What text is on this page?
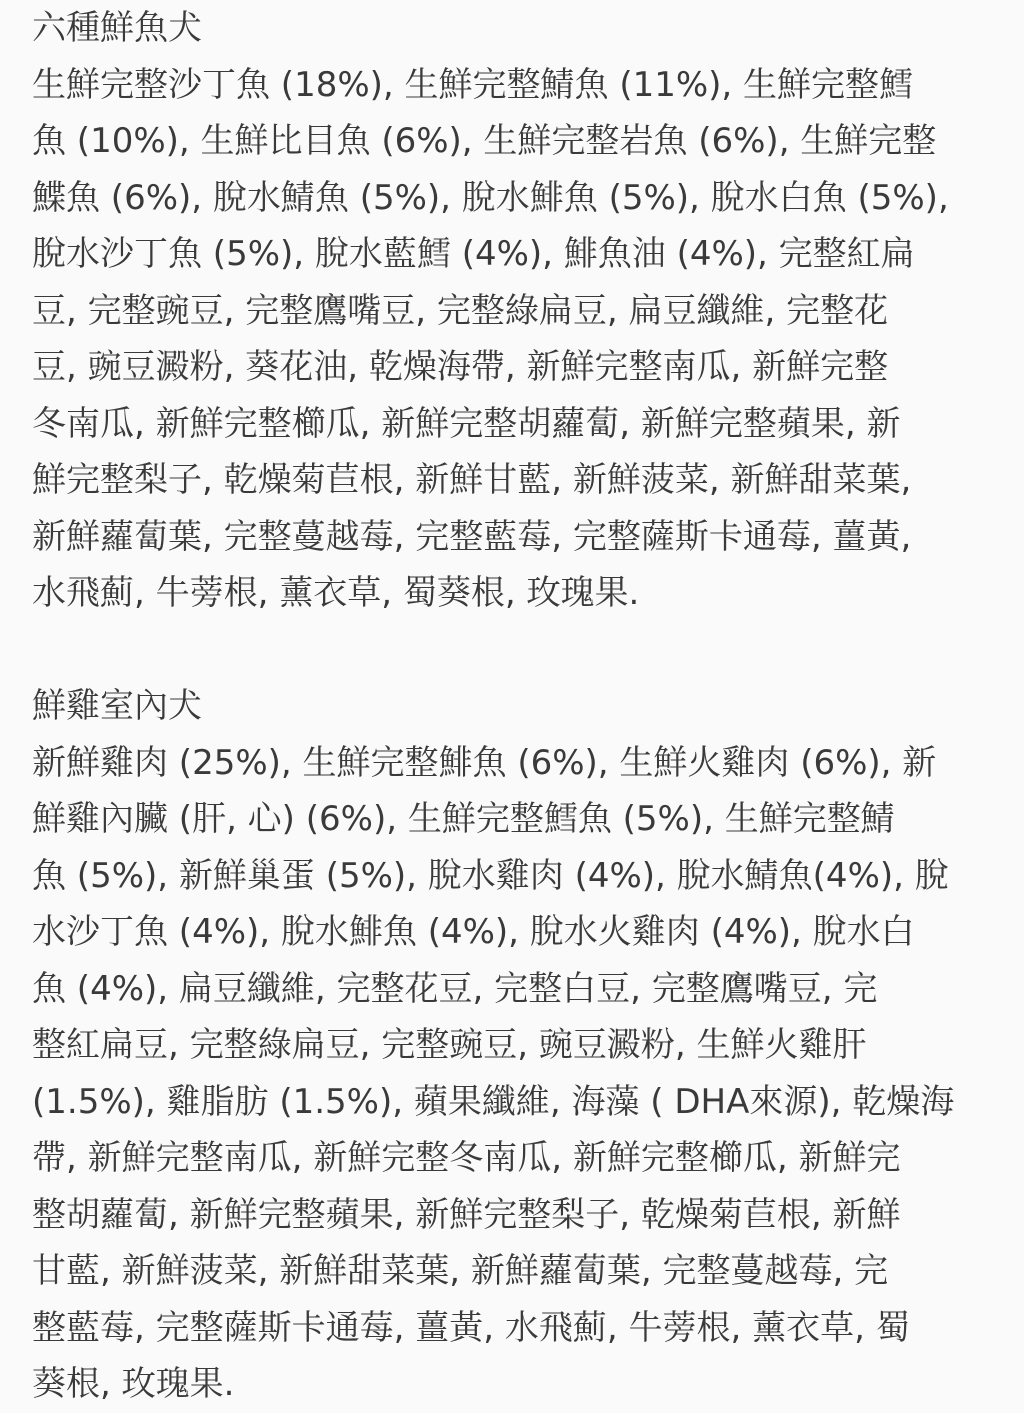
六種鮮魚犬
生鮮完整沙丁魚 (18%), 生鮮完整鯖魚 (11%), 生鮮完整鱈
魚 (10%), 生鮮比目魚 (6%), 生鮮完整岩魚 (6%), 生鮮完整
鰈魚 (6%), 脫水鯖魚 (5%), 脫水鯡魚 (5%), 脫水白魚 (5%),
脫水沙丁魚 (5%), 脫水藍鱈 (4%), 鯡魚油 (4%), 完整紅扁
豆, 完整豌豆, 完整鷹嘴豆, 完整綠扁豆, 扁豆纖維, 完整花
豆, 豌豆澱粉, 葵花油, 乾燥海帶, 新鮮完整南瓜, 新鮮完整
冬南瓜, 新鮮完整櫛瓜, 新鮮完整胡蘿蔔, 新鮮完整蘋果, 新
鮮完整梨子, 乾燥菊苣根, 新鮮甘藍, 新鮮菠菜, 新鮮甜菜葉,
新鮮蘿蔔葉, 完整蔓越莓, 完整藍莓, 完整薩斯卡通莓, 薑黃,
水飛薊, 牛蒡根, 薰衣草, 蜀葵根, 玫瑰果.
鮮雞室內犬
新鮮雞肉 (25%), 生鮮完整鯡魚 (6%), 生鮮火雞肉 (6%), 新
鮮雞內臟 (肝, 心) (6%), 生鮮完整鱈魚 (5%), 生鮮完整鯖
魚 (5%), 新鮮巢蛋 (5%), 脫水雞肉 (4%), 脫水鯖魚(4%), 脫
水沙丁魚 (4%), 脫水鯡魚 (4%), 脫水火雞肉 (4%), 脫水白
魚 (4%), 扁豆纖維, 完整花豆, 完整白豆, 完整鷹嘴豆, 完
整紅扁豆, 完整綠扁豆, 完整豌豆, 豌豆澱粉, 生鮮火雞肝
(1.5%), 雞脂肪 (1.5%), 蘋果纖維, 海藻 ( DHA來源), 乾燥海
帶, 新鮮完整南瓜, 新鮮完整冬南瓜, 新鮮完整櫛瓜, 新鮮完
整胡蘿蔔, 新鮮完整蘋果, 新鮮完整梨子, 乾燥菊苣根, 新鮮
甘藍, 新鮮菠菜, 新鮮甜菜葉, 新鮮蘿蔔葉, 完整蔓越莓, 完
整藍莓, 完整薩斯卡通莓, 薑黃, 水飛薊, 牛蒡根, 薰衣草, 蜀
葵根, 玫瑰果.
